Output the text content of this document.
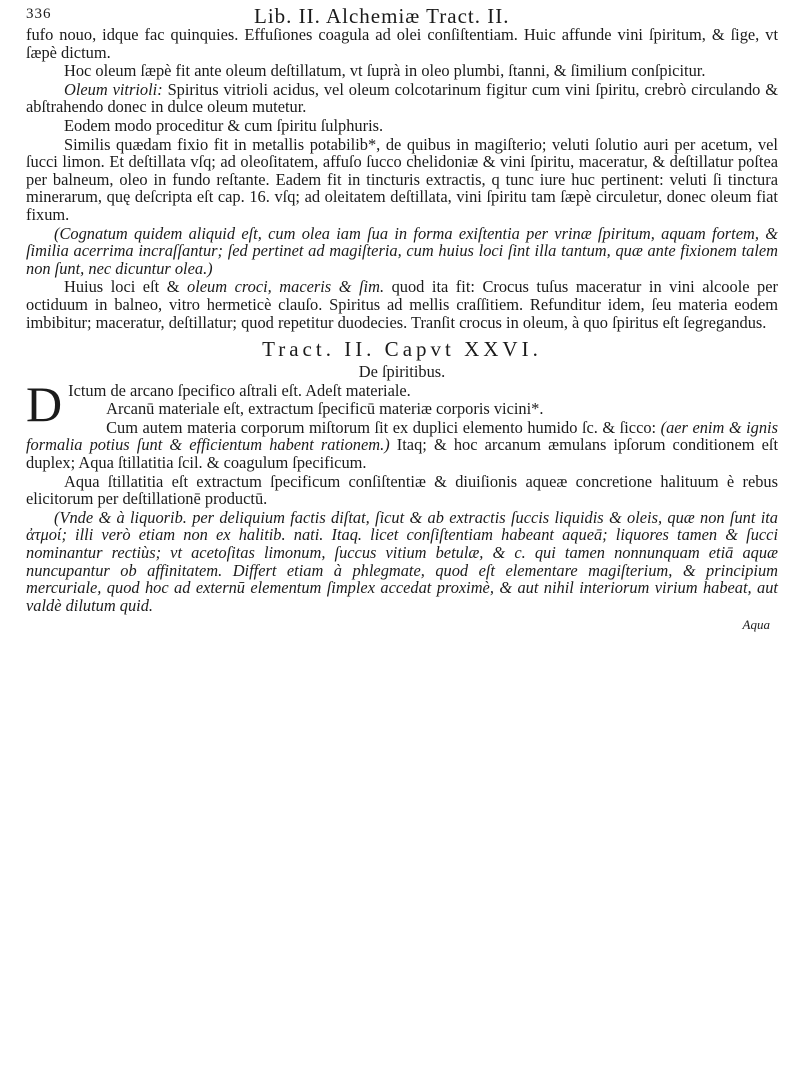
336	Lib. II. Alchemiæ Tract. II.

fufo nouo, idque fac quinquies. Effuſiones coagula ad olei conſiſtentiam. Huic affunde vini ſpiritum, & ſige, vt ſæpè dictum.

Hoc oleum ſæpè fit ante oleum deſtillatum, vt ſuprà in oleo plumbi, ſtanni, & ſimilium conſpicitur.

Oleum vitrioli: Spiritus vitrioli acidus, vel oleum colcotarinum figitur cum vini ſpiritu, crebrò circulando & abſtrahendo donec in dulce oleum mutetur.

Eodem modo proceditur & cum ſpiritu ſulphuris.

Similis quædam fixio fit in metallis potabilib*, de quibus in magiſterio; veluti ſolutio auri per acetum, vel ſucci limon. Et deſtillata vſq; ad oleoſitatem, affuſo ſucco chelidoniæ & vini ſpiritu, maceratur, & deſtillatur poſtea per balneum, oleo in fundo reſtante. Eadem fit in tincturis extractis, q tunc iure huc pertinent: veluti ſi tinctura minerarum, quę deſcripta eſt cap. 16. vſq; ad oleitatem deſtillata, vini ſpiritu tam ſæpè circuletur, donec oleum fiat fixum.

(Cognatum quidem aliquid eſt, cum olea iam ſua in forma exiſtentia per vrinæ ſpiritum, aquam fortem, & ſimilia acerrima incraſſantur; ſed pertinet ad magiſteria, cum huius loci ſint illa tantum, quæ ante fixionem talem non ſunt, nec dicuntur olea.)

Huius loci eſt & oleum croci, maceris & ſim. quod ita fit: Crocus tuſus maceratur in vini alcoole per octiduum in balneo, vitro hermeticè clauſo. Spiritus ad mellis craſſitiem. Refunditur idem, ſeu materia eodem imbibitur; maceratur, deſtillatur; quod repetitur duodecies. Tranſit crocus in oleum, à quo ſpiritus eſt ſegregandus.

Tract. II. Capvt XXVI.
De ſpiritibus.

D Ictum de arcano ſpecifico aſtrali eſt. Adeſt materiale.

Arcanū materiale eſt, extractum ſpecificū materiæ corporis vicini*.

Cum autem materia corporum miſtorum ſit ex duplici elemento humido ſc. & ſicco: (aer enim & ignis formalia potius ſunt & efficientum habent rationem.) Itaq; & hoc arcanum æmulans ipſorum conditionem eſt duplex; Aqua ſtillatitia ſcil. & coagulum ſpecificum.

Aqua ſtillatitia eſt extractum ſpecificum conſiſtentiæ & diuiſionis aqueæ concretione halituum è rebus elicitorum per deſtillationē productū.

(Vnde & à liquorib. per deliquium factis diſtat, ſicut & ab extractis ſuccis liquidis & oleis, quæ non ſunt ita ἀτμοί; illi verò etiam non ex halitib. nati. Itaq. licet conſiſtentiam habeant aqueā; liquores tamen & ſucci nominantur rectiùs; vt acetoſitas limonum, ſuccus vitium betulæ, & c. qui tamen nonnunquam etiā aquæ nuncupantur ob affinitatem. Differt etiam à phlegmate, quod eſt elementare magiſterium, & principium mercuriale, quod hoc ad externū elementum ſimplex accedat proximè, & aut nihil interiorum virium habeat, aut valdè dilutum quid.

Aqua
